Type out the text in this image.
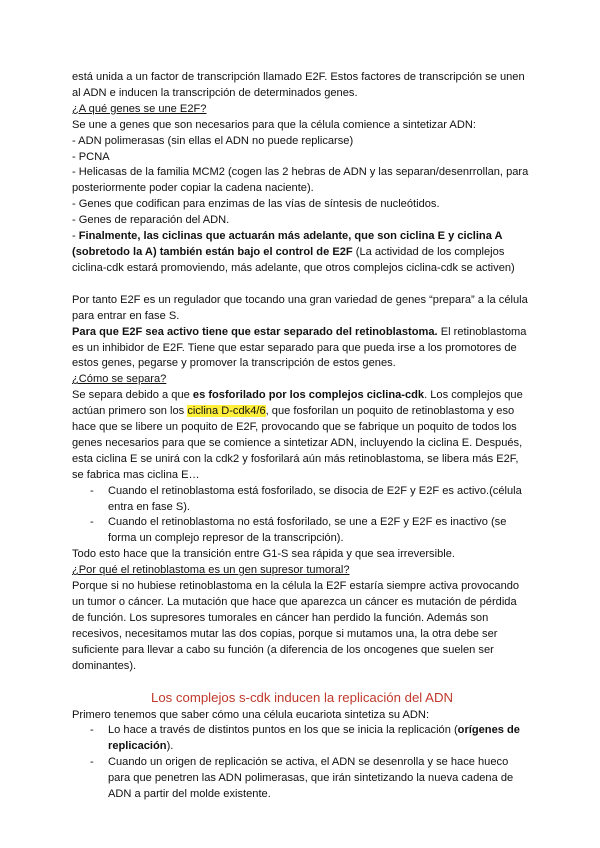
está unida a un factor de transcripción llamado E2F. Estos factores de transcripción se unen al ADN e inducen la transcripción de determinados genes.

¿A qué genes se une E2F?

Se une a genes que son necesarios para que la célula comience a sintetizar ADN:

- ADN polimerasas (sin ellas el ADN no puede replicarse)

- PCNA

- Helicasas de la familia MCM2 (cogen las 2 hebras de ADN y las separan/desenrrollan, para posteriormente poder copiar la cadena naciente).

- Genes que codifican para enzimas de las vías de síntesis de nucleótidos.

- Genes de reparación del ADN.

- Finalmente, las ciclinas que actuarán más adelante, que son ciclina E y ciclina A (sobretodo la A) también están bajo el control de E2F (La actividad de los complejos ciclina-cdk estará promoviendo, más adelante, que otros complejos ciclina-cdk se activen)

Por tanto E2F es un regulador que tocando una gran variedad de genes “prepara” a la célula para entrar en fase S.

Para que E2F sea activo tiene que estar separado del retinoblastoma. El retinoblastoma es un inhibidor de E2F. Tiene que estar separado para que pueda irse a los promotores de estos genes, pegarse y promover la transcripción de estos genes.

¿Cómo se separa?

Se separa debido a que es fosforilado por los complejos ciclina-cdk. Los complejos que actúan primero son los ciclina D-cdk4/6, que fosforilan un poquito de retinoblastoma y eso hace que se libere un poquito de E2F, provocando que se fabrique un poquito de todos los genes necesarios para que se comience a sintetizar ADN, incluyendo la ciclina E. Después, esta ciclina E se unirá con la cdk2 y fosforilará aún más retinoblastoma, se libera más E2F, se fabrica mas ciclina E…

-	Cuando el retinoblastoma está fosforilado, se disocia de E2F y E2F es activo.(célula entra en fase S).
-	Cuando el retinoblastoma no está fosforilado, se une a E2F y E2F es inactivo (se forma un complejo represor de la transcripción).

Todo esto hace que la transición entre G1-S sea rápida y que sea irreversible.

¿Por qué el retinoblastoma es un gen supresor tumoral?

Porque si no hubiese retinoblastoma en la célula la E2F estaría siempre activa provocando un tumor o cáncer. La mutación que hace que aparezca un cáncer es mutación de pérdida de función. Los supresores tumorales en cáncer han perdido la función. Además son recesivos, necesitamos mutar las dos copias, porque si mutamos una, la otra debe ser suficiente para llevar a cabo su función (a diferencia de los oncogenes que suelen ser dominantes).

Los complejos s-cdk inducen la replicación del ADN

Primero tenemos que saber cómo una célula eucariota sintetiza su ADN:

-	Lo hace a través de distintos puntos en los que se inicia la replicación (orígenes de replicación).
-	Cuando un origen de replicación se activa, el ADN se desenrolla y se hace hueco para que penetren las ADN polimerasas, que irán sintetizando la nueva cadena de ADN a partir del molde existente.
